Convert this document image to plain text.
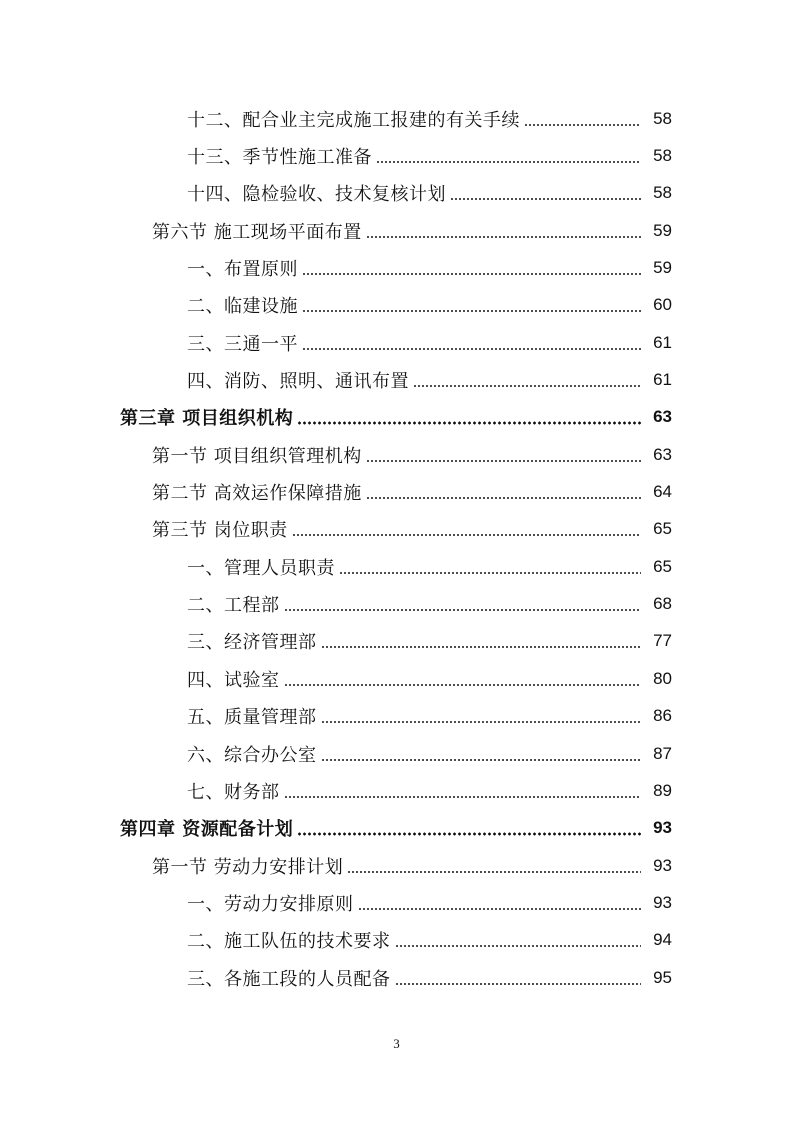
十二、配合业主完成施工报建的有关手续	58
十三、季节性施工准备	58
十四、隐检验收、技术复核计划	58
第六节 施工现场平面布置	59
一、布置原则	59
二、临建设施	60
三、三通一平	61
四、消防、照明、通讯布置	61
第三章 项目组织机构	63
第一节 项目组织管理机构	63
第二节 高效运作保障措施	64
第三节 岗位职责	65
一、管理人员职责	65
二、工程部	68
三、经济管理部	77
四、试验室	80
五、质量管理部	86
六、综合办公室	87
七、财务部	89
第四章 资源配备计划	93
第一节 劳动力安排计划	93
一、劳动力安排原则	93
二、施工队伍的技术要求	94
三、各施工段的人员配备	95
3
